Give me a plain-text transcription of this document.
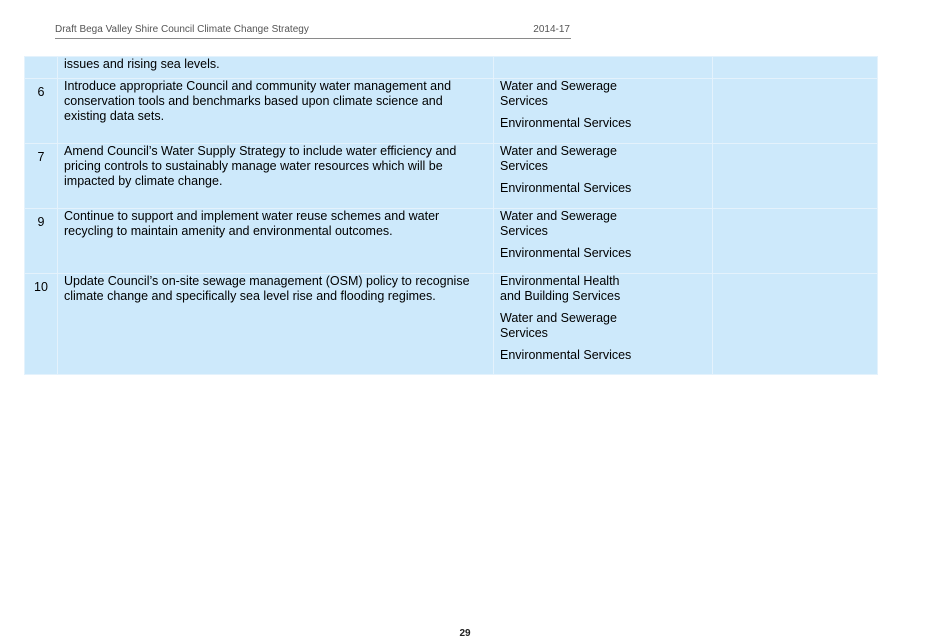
Draft Bega Valley Shire Council Climate Change Strategy	2014-17

	issues and rising sea levels.		

6	Introduce appropriate Council and community water management and conservation tools and benchmarks based upon climate science and existing data sets.	Water and Sewerage Services
Environmental Services	

7	Amend Council’s Water Supply Strategy to include water efficiency and pricing controls to sustainably manage water resources which will be impacted by climate change.	Water and Sewerage Services
Environmental Services	

9	Continue to support and implement water reuse schemes and water recycling to maintain amenity and environmental outcomes.	Water and Sewerage Services
Environmental Services	

10	Update Council’s on-site sewage management (OSM) policy to recognise climate change and specifically sea level rise and flooding regimes.	Environmental Health and Building Services
Water and Sewerage Services
Environmental Services	

29
